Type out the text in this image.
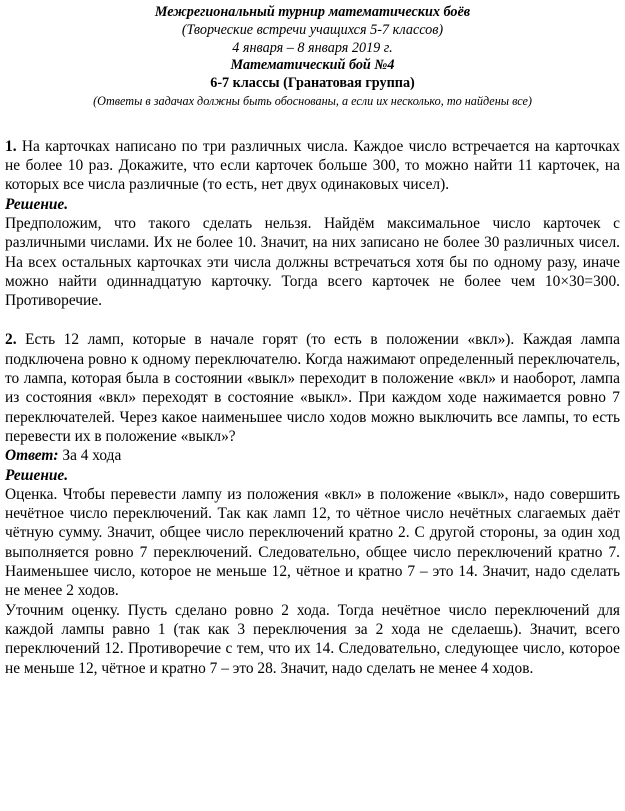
Межрегиональный турнир математических боёв
(Творческие встречи учащихся 5-7 классов)
4 января – 8 января 2019 г.
Математический бой №4
6-7 классы (Гранатовая группа)
(Ответы в задачах должны быть обоснованы, а если их несколько, то найдены все)

1. На карточках написано по три различных числа. Каждое число встречается на карточках не более 10 раз. Докажите, что если карточек больше 300, то можно найти 11 карточек, на которых все числа различные (то есть, нет двух одинаковых чисел).

Решение.

Предположим, что такого сделать нельзя. Найдём максимальное число карточек с различными числами. Их не более 10. Значит, на них записано не более 30 различных чисел. На всех остальных карточках эти числа должны встречаться хотя бы по одному разу, иначе можно найти одиннадцатую карточку. Тогда всего карточек не более чем 10×30=300. Противоречие.

2. Есть 12 ламп, которые в начале горят (то есть в положении «вкл»). Каждая лампа подключена ровно к одному переключателю. Когда нажимают определенный переключатель, то лампа, которая была в состоянии «выкл» переходит в положение «вкл» и наоборот, лампа из состояния «вкл» переходят в состояние «выкл». При каждом ходе нажимается ровно 7 переключателей. Через какое наименьшее число ходов можно выключить все лампы, то есть перевести их в положение «выкл»?

Ответ: За 4 хода

Решение.

Оценка. Чтобы перевести лампу из положения «вкл» в положение «выкл», надо совершить нечётное число переключений. Так как ламп 12, то чётное число нечётных слагаемых даёт чётную сумму. Значит, общее число переключений кратно 2. С другой стороны, за один ход выполняется ровно 7 переключений. Следовательно, общее число переключений кратно 7. Наименьшее число, которое не меньше 12, чётное и кратно 7 – это 14. Значит, надо сделать не менее 2 ходов.

Уточним оценку. Пусть сделано ровно 2 хода. Тогда нечётное число переключений для каждой лампы равно 1 (так как 3 переключения за 2 хода не сделаешь). Значит, всего переключений 12. Противоречие с тем, что их 14. Следовательно, следующее число, которое не меньше 12, чётное и кратно 7 – это 28. Значит, надо сделать не менее 4 ходов.
